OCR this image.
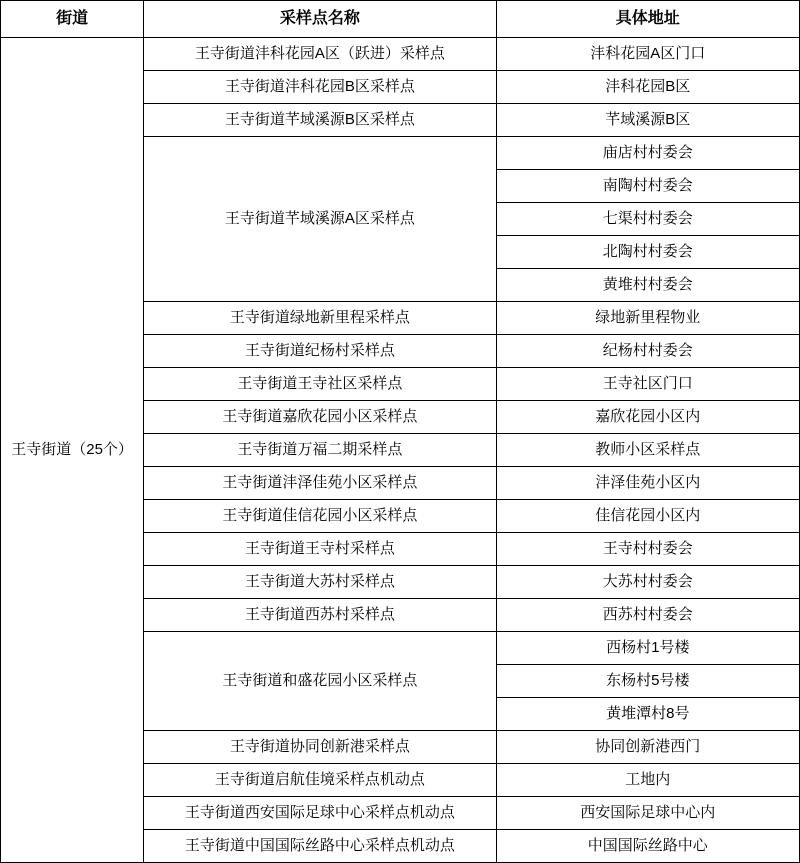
街道	采样点名称	具体地址
王寺街道（25个）	王寺街道沣科花园A区（跃进）采样点	沣科花园A区门口
	王寺街道沣科花园B区采样点	沣科花园B区
	王寺街道芊域溪源B区采样点	芊域溪源B区
	王寺街道芊域溪源A区采样点	庙店村村委会
		南陶村村委会
		七渠村村委会
		北陶村村委会
		黄堆村村委会
	王寺街道绿地新里程采样点	绿地新里程物业
	王寺街道纪杨村采样点	纪杨村村委会
	王寺街道王寺社区采样点	王寺社区门口
	王寺街道嘉欣花园小区采样点	嘉欣花园小区内
	王寺街道万福二期采样点	教师小区采样点
	王寺街道沣泽佳苑小区采样点	沣泽佳苑小区内
	王寺街道佳信花园小区采样点	佳信花园小区内
	王寺街道王寺村采样点	王寺村村委会
	王寺街道大苏村采样点	大苏村村委会
	王寺街道西苏村采样点	西苏村村委会
	王寺街道和盛花园小区采样点	西杨村1号楼
		东杨村5号楼
		黄堆潭村8号
	王寺街道协同创新港采样点	协同创新港西门
	王寺街道启航佳境采样点机动点	工地内
	王寺街道西安国际足球中心采样点机动点	西安国际足球中心内
	王寺街道中国国际丝路中心采样点机动点	中国国际丝路中心
